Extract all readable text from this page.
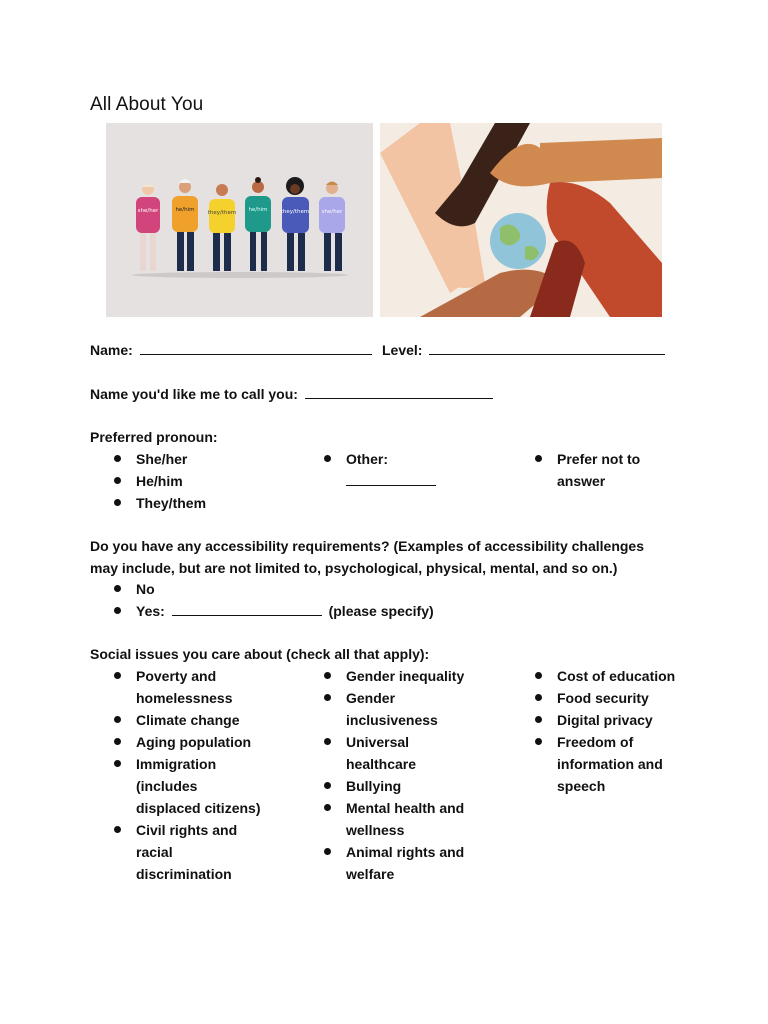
All About You
she/her	he/him they/them he/him they/them she/her
Name:	Level:
Name you'd like me to call you:
Preferred pronoun:
She/her
He/him
They/them
Other:	Prefer not to answer
Do you have any accessibility requirements? (Examples of accessibility challenges may include, but are not limited to, psychological, physical, mental, and so on.)
No
Yes:	(please specify)
Social issues you care about (check all that apply):
Poverty and homelessness
Climate change
Aging population
Immigration (includes displaced citizens)
Civil rights and racial discrimination
Gender inequality
Gender inclusiveness
Universal healthcare
Bullying
Mental health and wellness
Animal rights and welfare
Cost of education
Food security
Digital privacy
Freedom of information and speech
